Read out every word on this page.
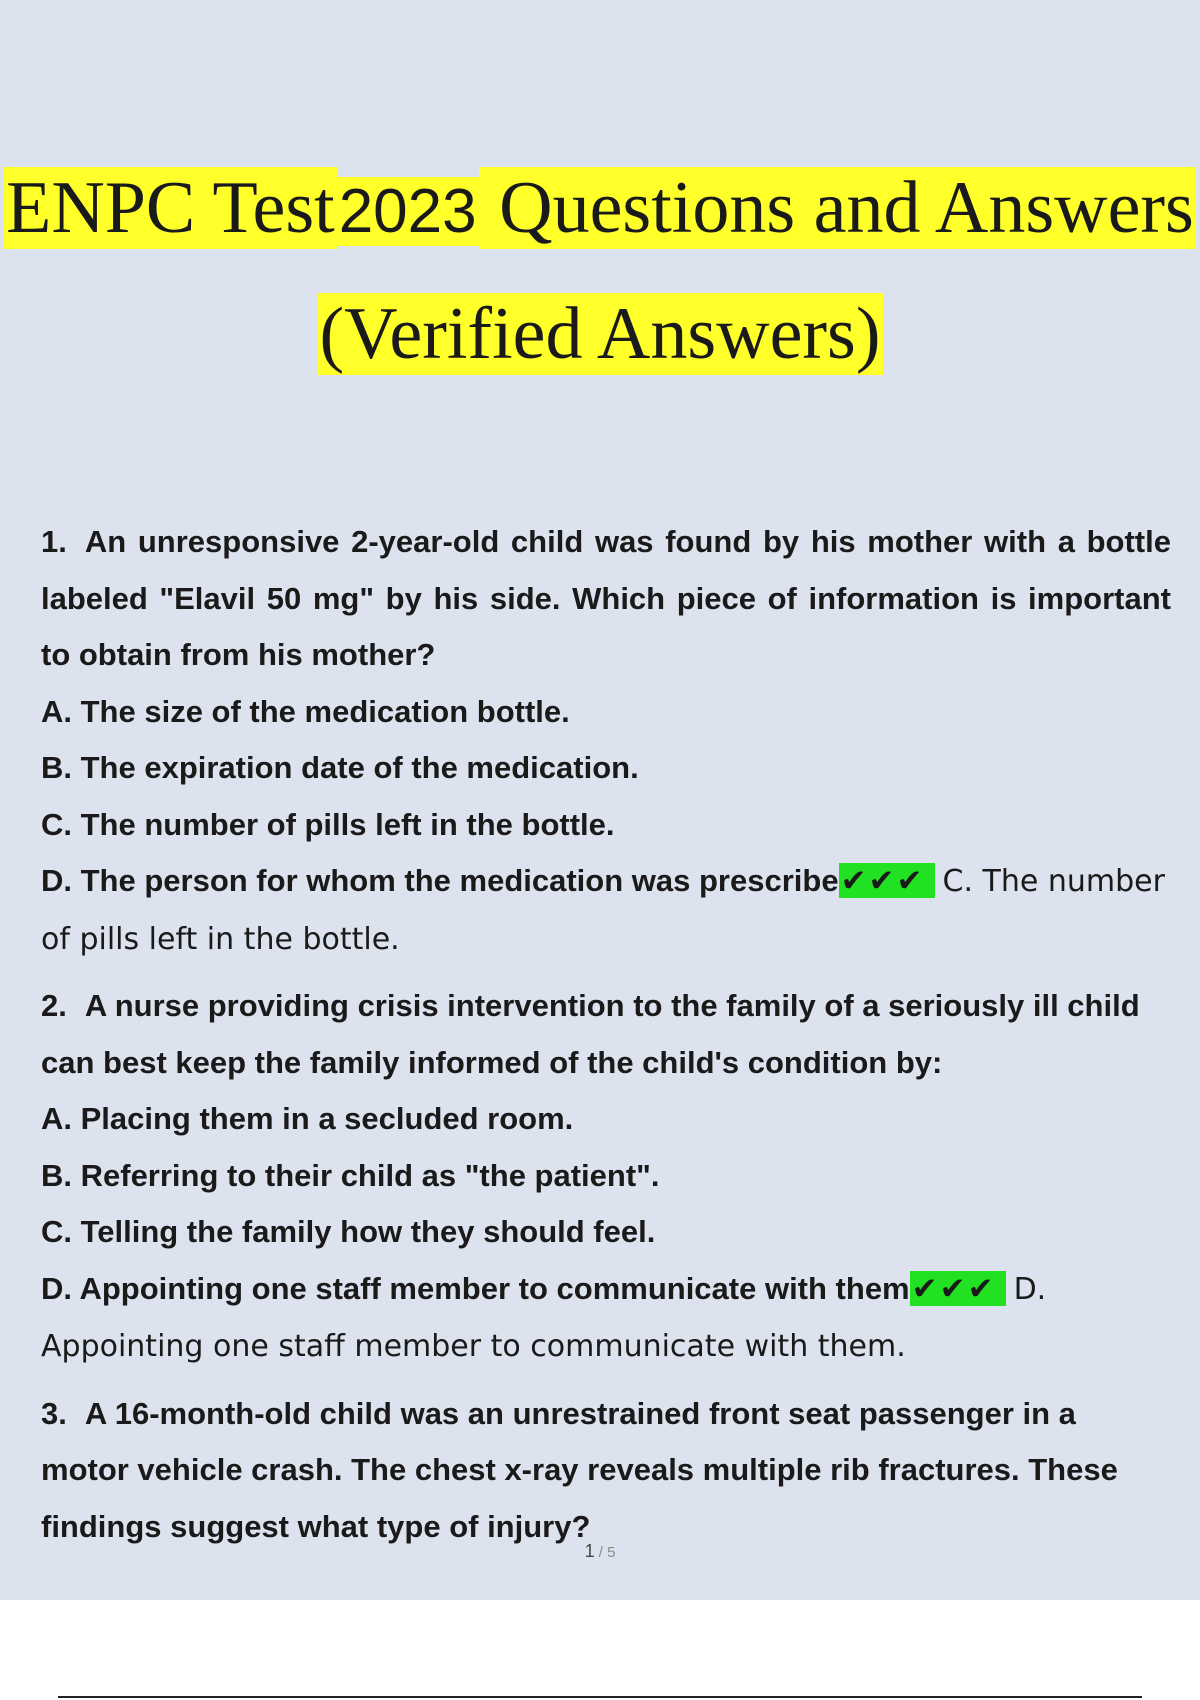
ENPC Test2023 Questions and Answers
(Verified Answers)
1. An unresponsive 2-year-old child was found by his mother with a bottle labeled "Elavil 50 mg" by his side. Which piece of information is important to obtain from his mother?
A. The size of the medication bottle.
B. The expiration date of the medication.
C. The number of pills left in the bottle.
D. The person for whom the medication was prescribe✔✔✔ C. The number of pills left in the bottle.
2. A nurse providing crisis intervention to the family of a seriously ill child can best keep the family informed of the child's condition by:
A. Placing them in a secluded room.
B. Referring to their child as "the patient".
C. Telling the family how they should feel.
D. Appointing one staff member to communicate with them✔✔✔ D. Appointing one staff member to communicate with them.
3. A 16-month-old child was an unrestrained front seat passenger in a motor vehicle crash. The chest x-ray reveals multiple rib fractures. These findings suggest what type of injury?
1 / 5
